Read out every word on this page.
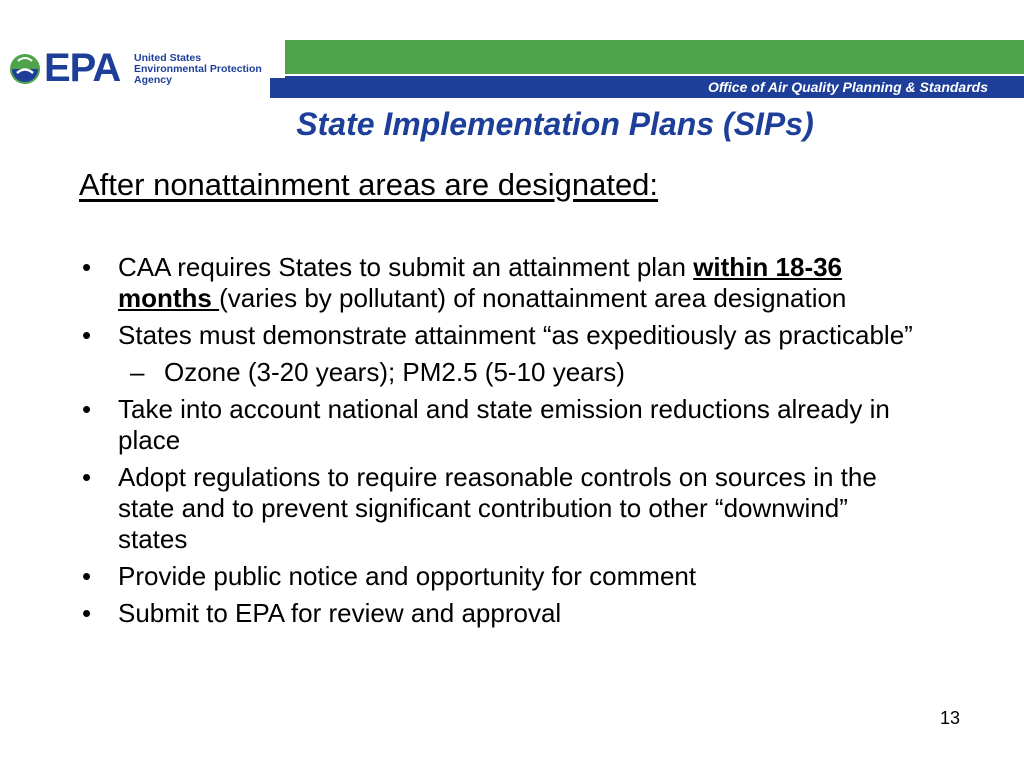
EPA United States
Environmental Protection
Agency	Office of Air Quality Planning & Standards
State Implementation Plans (SIPs)
After nonattainment areas are designated:
• CAA requires States to submit an attainment plan within 18-36 months (varies by pollutant) of nonattainment area designation
• States must demonstrate attainment “as expeditiously as practicable”
– Ozone (3-20 years); PM2.5 (5-10 years)
• Take into account national and state emission reductions already in place
• Adopt regulations to require reasonable controls on sources in the state and to prevent significant contribution to other “downwind” states
• Provide public notice and opportunity for comment
• Submit to EPA for review and approval
13
